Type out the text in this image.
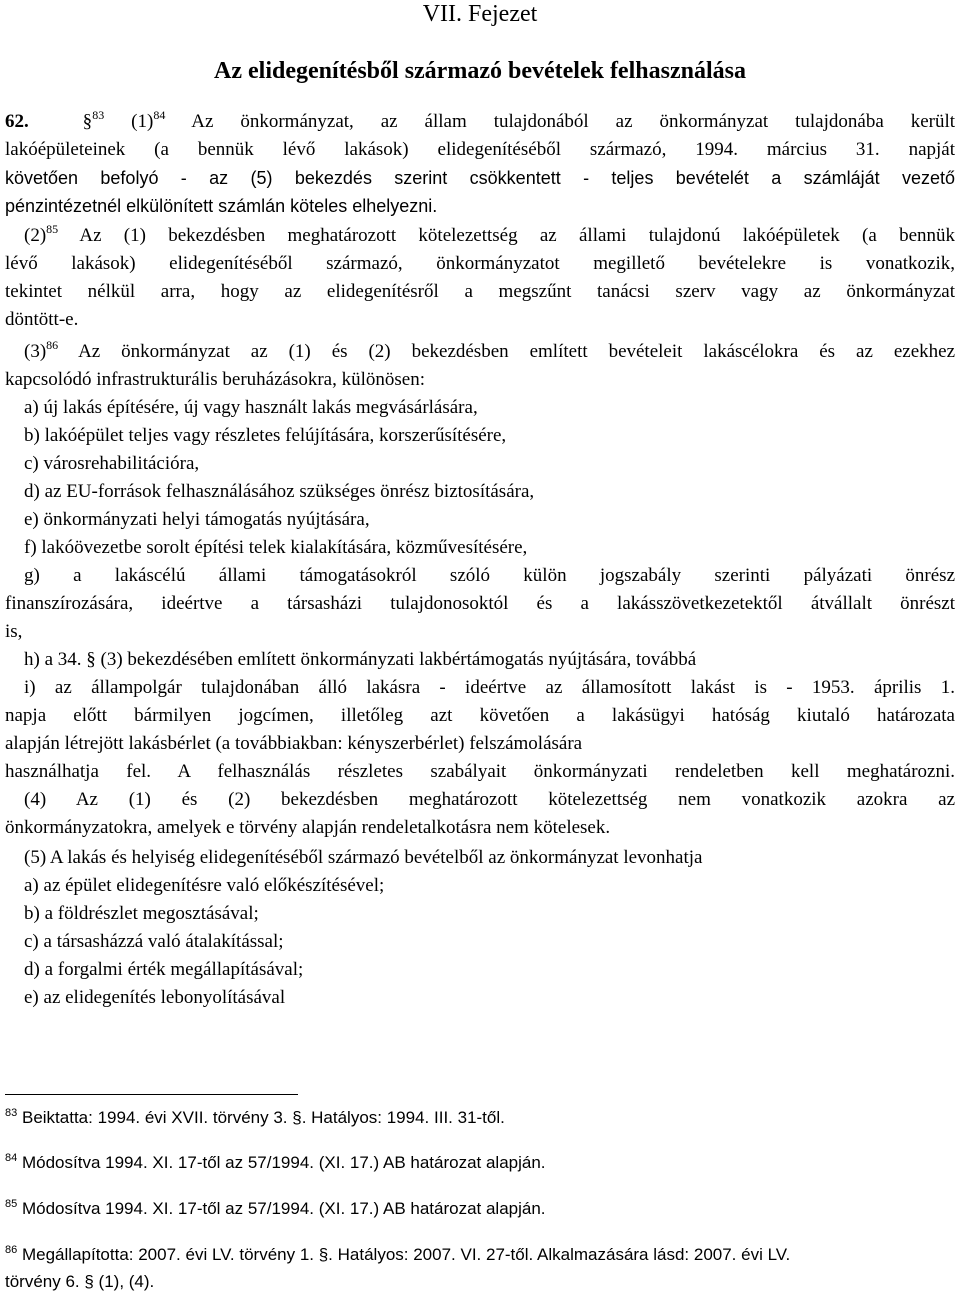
VII. Fejezet
Az elidegenítésből származó bevételek felhasználása
62.  §$^{83}$ $(1)^{84}$ Az önkormányzat, az állam tulajdonából az önkormányzat tulajdonába került
lakóépületeinek (a bennük lévő lakások) elidegenítéséből származó, 1994. március 31. napját
követően befolyó - az (5) bekezdés szerint csökkentett - teljes bevételét a számláját vezető
pénzintézetnél elkülönített számlán köteles elhelyezni.
$(2)^{85}$ Az (1) bekezdésben meghatározott kötelezettség az állami tulajdonú lakóépületek (a bennük
lévő lakások) elidegenítéséből származó, önkormányzatot megillető bevételekre is vonatkozik,
tekintet nélkül arra, hogy az elidegenítésről a megszűnt tanácsi szerv vagy az önkormányzat
döntött-e.
$(3)^{86}$ Az önkormányzat az (1) és (2) bekezdésben említett bevételeit lakáscélokra és az ezekhez
kapcsolódó infrastrukturális beruházásokra, különösen:
a) új lakás építésére, új vagy használt lakás megvásárlására,
b) lakóépület teljes vagy részletes felújítására, korszerűsítésére,
c) városrehabilitációra,
d) az EU-források felhasználásához szükséges önrész biztosítására,
e) önkormányzati helyi támogatás nyújtására,
f) lakóövezetbe sorolt építési telek kialakítására, közművesítésére,
g) a lakáscélú állami támogatásokról szóló külön jogszabály szerinti pályázati önrész
finanszírozására, ideértve a társasházi tulajdonosoktól és a lakásszövetkezetektől átvállalt önrészt
is,
h) a 34. § (3) bekezdésében említett önkormányzati lakbértámogatás nyújtására, továbbá
i) az állampolgár tulajdonában álló lakásra - ideértve az államosított lakást is - 1953. április 1.
napja előtt bármilyen jogcímen, illetőleg azt követően a lakásügyi hatóság kiutaló határozata
alapján létrejött lakásbérlet (a továbbiakban: kényszerbérlet) felszámolására
használhatja fel. A felhasználás részletes szabályait önkormányzati rendeletben kell meghatározni.
(4) Az (1) és (2) bekezdésben meghatározott kötelezettség nem vonatkozik azokra az
önkormányzatokra, amelyek e törvény alapján rendeletalkotásra nem kötelesek.
(5) A lakás és helyiség elidegenítéséből származó bevételből az önkormányzat levonhatja
a) az épület elidegenítésre való előkészítésével;
b) a földrészlet megosztásával;
c) a társasházzá való átalakítással;
d) a forgalmi érték megállapításával;
e) az elidegenítés lebonyolításával
$^{83}$ Beiktatta: 1994. évi XVII. törvény 3. §. Hatályos: 1994. III. 31-től.
$^{84}$ Módosítva 1994. XI. 17-től az 57/1994. (XI. 17.) AB határozat alapján.
$^{85}$ Módosítva 1994. XI. 17-től az 57/1994. (XI. 17.) AB határozat alapján.
$^{86}$ Megállapította: 2007. évi LV. törvény 1. §. Hatályos: 2007. VI. 27-től. Alkalmazására lásd: 2007. évi LV.
törvény 6. § (1), (4).
